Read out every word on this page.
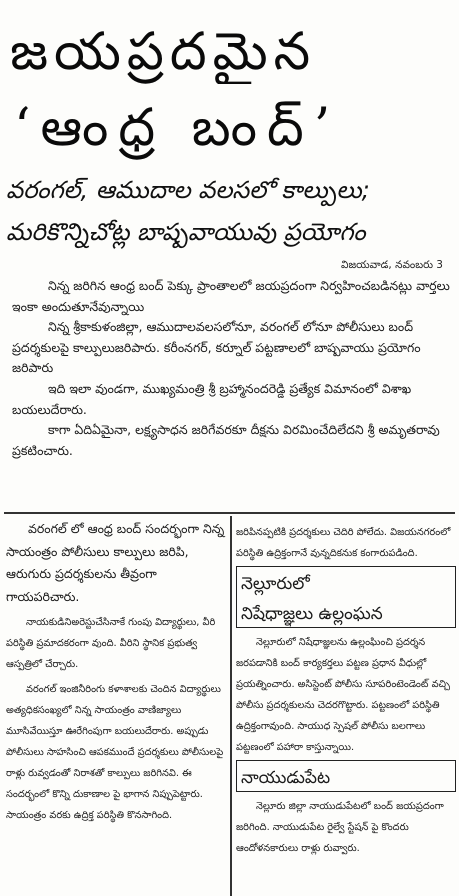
జయప్రదమైన
‘ఆంధ్ర బంద్’
వరంగల్, ఆముదాల వలసలో కాల్పులు;
మరికొన్నిచోట్ల బాష్పవాయువు ప్రయోగం
విజయవాడ, నవంబరు 3

నిన్న జరిగిన ఆంధ్ర బంద్ పెక్కు ప్రాంతాలలో జయప్రదంగా నిర్వహించబడినట్లు వార్తలు ఇంకా అందుతూనేవున్నాయి

నిన్న శ్రీకాకుళంజిల్లా, ఆముదాలవలసలోనూ, వరంగల్ లోనూ పోలీసులు బంద్ ప్రదర్శకులపై కాల్పులుజరిపారు. కరీంనగర్, కర్నూల్ పట్టణాలలో బాష్పవాయు ప్రయోగం జరిపారు

ఇది ఇలా వుండగా, ముఖ్యమంత్రి శ్రీ బ్రహ్మానందరెడ్డి ప్రత్యేక విమానంలో విశాఖ బయలుదేరారు.

కాగా ఏదిఏమైనా, లక్ష్యసాధన జరిగేవరకూ దీక్షను విరమించేదిలేదని శ్రీ అమృతరావు ప్రకటించారు.

వరంగల్ లో ఆంధ్ర బంద్ సందర్భంగా నిన్న సాయంత్రం పోలీసులు కాల్పులు జరిపి, ఆరుగురు ప్రదర్శకులను తీవ్రంగా గాయపరిచారు.

నాయకుడినిఅరెస్టుచేసినాకే గుంపు విద్యార్థులు, వీరి పరిస్థితి ప్రమాదకరంగా వుంది. వీరిని స్థానిక ప్రభుత్వ ఆస్పత్రిలో చేర్చారు.

వరంగల్ ఇంజినీరింగు కళాశాలకు చెందిన విద్యార్థులు అత్యధికసంఖ్యలో నిన్న సాయంత్రం వాణిజ్యాలు మూసివేయిస్తూ ఊరేగింపుగా బయలుదేరారు. అప్పుడు పోలీసులు సాహసించి ఆపకముందే ప్రదర్శకులు పోలీసులపై రాళ్లు రువ్వడంతో నిరాశతో కాల్పులు జరిగినవి. ఈ సందర్భంలో కొన్ని దుకాణాల పై భాగాన నిప్పుపెట్టారు. సాయంత్రం వరకు ఉద్రిక్త పరిస్థితి కొనసాగింది.

జరిపినప్పటికి ప్రదర్శకులు చెదిరి పోలేదు. విజయనగరంలో పరిస్థితి ఉద్రిక్తంగానే వున్నదికనుక కంగారుపడింది.

నెల్లూరులో
నిషేధాజ్ఞలు ఉల్లంఘన

నెల్లూరులో నిషేధాజ్ఞలను ఉల్లంఘించి ప్రదర్శన జరపడానికి బంద్ కార్యకర్తలు పట్టణ ప్రధాన వీధుల్లో ప్రయత్నించారు. అసిస్టెంట్ పోలీసు సూపరింటెండెంట్ వచ్చి పోలీసు ప్రదర్శకులను చెదరగొట్టారు. పట్టణంలో పరిస్థితి ఉద్రిక్తంగావుంది. సాయుధ స్పెషల్ పోలీసు బలగాలు పట్టణంలో పహారా కాస్తున్నాయి.

నాయుడుపేట

నెల్లూరు జిల్లా నాయుడుపేటలో బంద్ జయప్రదంగా జరిగింది. నాయుడుపేట రైల్వే స్టేషన్ పై కొందరు ఆందోళనకారులు రాళ్లు రువ్వారు.
